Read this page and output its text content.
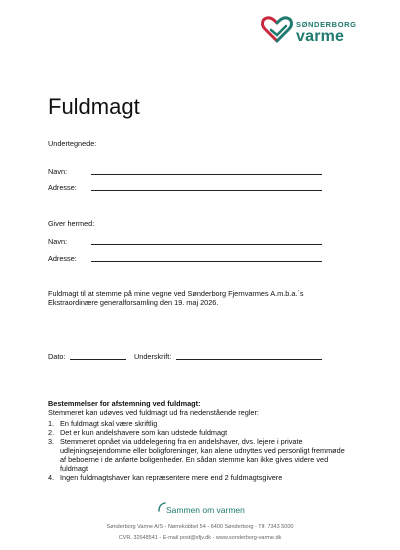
SØNDERBORG
varme
Fuldmagt
Undertegnede:
Navn:
Adresse:
Giver hermed:
Navn:
Adresse:
Fuldmagt til at stemme på mine vegne ved Sønderborg Fjernvarmes A.m.b.a.´s
Ekstraordinære generalforsamling den 19. maj 2026.
Dato:	Underskrift:
Bestemmelser for afstemning ved fuldmagt:
Stemmeret kan udøves ved fuldmagt ud fra nedenstående regler:
1. En fuldmagt skal være skriftlig
2. Det er kun andelshavere som kan udstede fuldmagt
3. Stemmeret opnået via uddelegering fra en andelshaver, dvs. lejere i private
udlejningsejendomme eller boligforeninger, kan alene udnyttes ved personligt fremmøde
af beboerne i de anførte boligenheder. En sådan stemme kan ikke gives videre ved
fuldmagt
4. Ingen fuldmagtshaver kan repræsentere mere end 2 fuldmagtsgivere
Sammen om varmen
Sønderborg Varme A/S - Nørrekobbel 54 - 6400 Sønderborg - Tlf. 7343 5000
CVR. 32648541 - E-mail post@sfjv.dk - www.sonderborg-varme.dk
